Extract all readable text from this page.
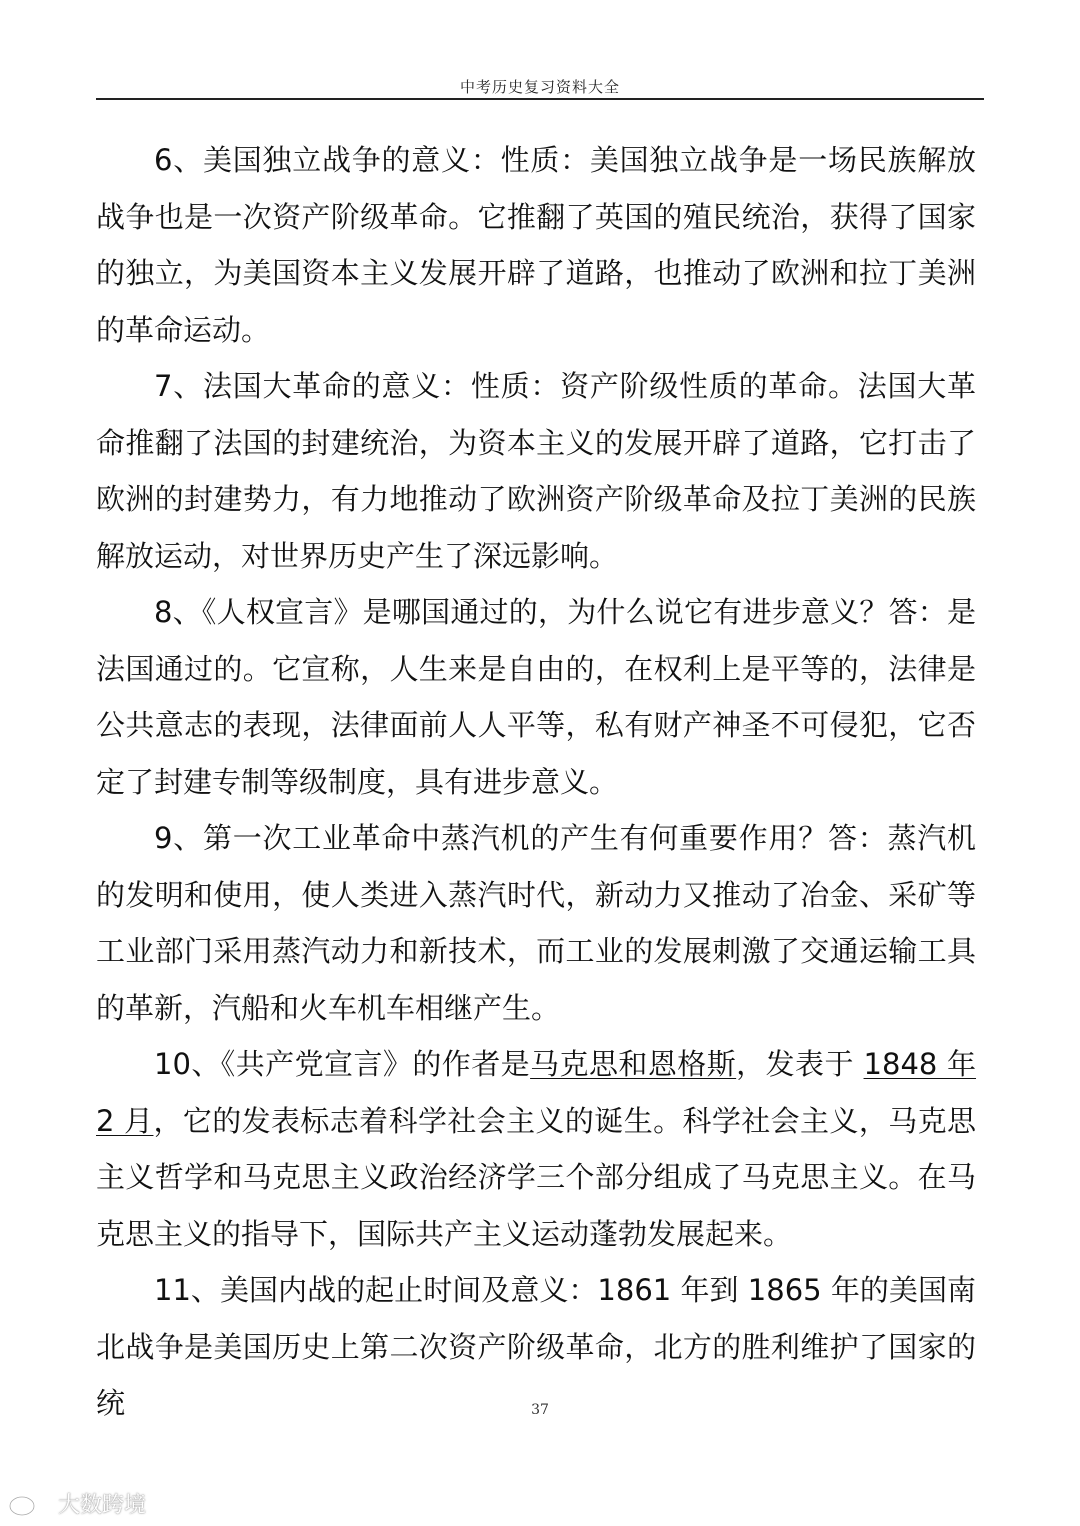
中考历史复习资料大全

6、美国独立战争的意义：性质：美国独立战争是一场民族解放战争也是一次资产阶级革命。它推翻了英国的殖民统治，获得了国家的独立，为美国资本主义发展开辟了道路，也推动了欧洲和拉丁美洲的革命运动。

7、法国大革命的意义：性质：资产阶级性质的革命。法国大革命推翻了法国的封建统治，为资本主义的发展开辟了道路，它打击了欧洲的封建势力，有力地推动了欧洲资产阶级革命及拉丁美洲的民族解放运动，对世界历史产生了深远影响。

8、《人权宣言》是哪国通过的，为什么说它有进步意义？答：是法国通过的。它宣称，人生来是自由的，在权利上是平等的，法律是公共意志的表现，法律面前人人平等，私有财产神圣不可侵犯，它否定了封建专制等级制度，具有进步意义。

9、第一次工业革命中蒸汽机的产生有何重要作用？答：蒸汽机的发明和使用，使人类进入蒸汽时代，新动力又推动了冶金、采矿等工业部门采用蒸汽动力和新技术，而工业的发展刺激了交通运输工具的革新，汽船和火车机车相继产生。

10、《共产党宣言》的作者是马克思和恩格斯，发表于 1848 年 2 月，它的发表标志着科学社会主义的诞生。科学社会主义，马克思主义哲学和马克思主义政治经济学三个部分组成了马克思主义。在马克思主义的指导下，国际共产主义运动蓬勃发展起来。

11、美国内战的起止时间及意义：1861 年到 1865 年的美国南北战争是美国历史上第二次资产阶级革命，北方的胜利维护了国家的统	37
大数跨境
